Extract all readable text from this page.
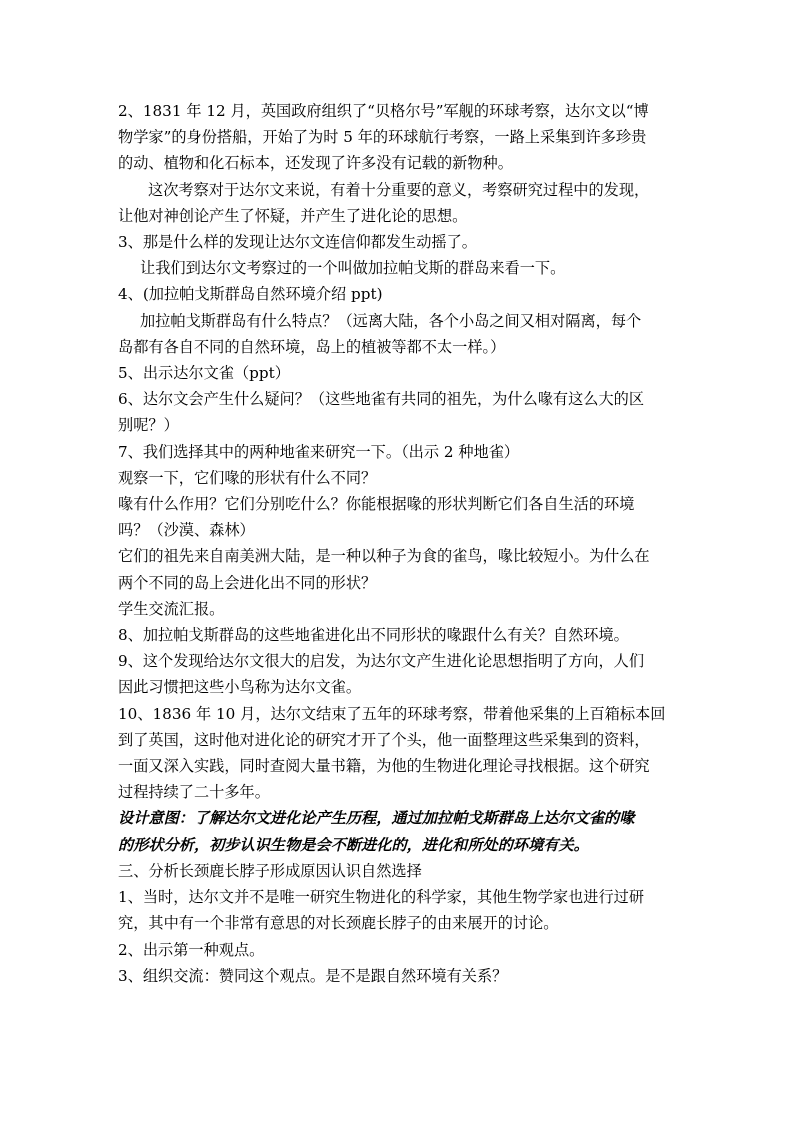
2、1831 年 12 月，英国政府组织了“贝格尔号”军舰的环球考察，达尔文以“博

物学家”的身份搭船，开始了为时 5 年的环球航行考察，一路上采集到许多珍贵

的动、植物和化石标本，还发现了许多没有记载的新物种。

这次考察对于达尔文来说，有着十分重要的意义，考察研究过程中的发现，

让他对神创论产生了怀疑，并产生了进化论的思想。

3、那是什么样的发现让达尔文连信仰都发生动摇了。

让我们到达尔文考察过的一个叫做加拉帕戈斯的群岛来看一下。

4、(加拉帕戈斯群岛自然环境介绍 ppt)

加拉帕戈斯群岛有什么特点？（远离大陆，各个小岛之间又相对隔离，每个

岛都有各自不同的自然环境，岛上的植被等都不太一样。）

5、出示达尔文雀（ppt）

6、达尔文会产生什么疑问？（这些地雀有共同的祖先，为什么喙有这么大的区

别呢？）

7、我们选择其中的两种地雀来研究一下。（出示 2 种地雀）

观察一下，它们喙的形状有什么不同？

喙有什么作用？它们分别吃什么？你能根据喙的形状判断它们各自生活的环境

吗？（沙漠、森林）

它们的祖先来自南美洲大陆，是一种以种子为食的雀鸟，喙比较短小。为什么在

两个不同的岛上会进化出不同的形状？

学生交流汇报。

8、加拉帕戈斯群岛的这些地雀进化出不同形状的喙跟什么有关？自然环境。

9、这个发现给达尔文很大的启发，为达尔文产生进化论思想指明了方向，人们

因此习惯把这些小鸟称为达尔文雀。

10、1836 年 10 月，达尔文结束了五年的环球考察，带着他采集的上百箱标本回

到了英国，这时他对进化论的研究才开了个头，他一面整理这些采集到的资料，

一面又深入实践，同时查阅大量书籍，为他的生物进化理论寻找根据。这个研究

过程持续了二十多年。

设计意图：了解达尔文进化论产生历程，通过加拉帕戈斯群岛上达尔文雀的喙

的形状分析，初步认识生物是会不断进化的，进化和所处的环境有关。

三、分析长颈鹿长脖子形成原因认识自然选择

1、当时，达尔文并不是唯一研究生物进化的科学家，其他生物学家也进行过研

究，其中有一个非常有意思的对长颈鹿长脖子的由来展开的讨论。

2、出示第一种观点。

3、组织交流：赞同这个观点。是不是跟自然环境有关系？
